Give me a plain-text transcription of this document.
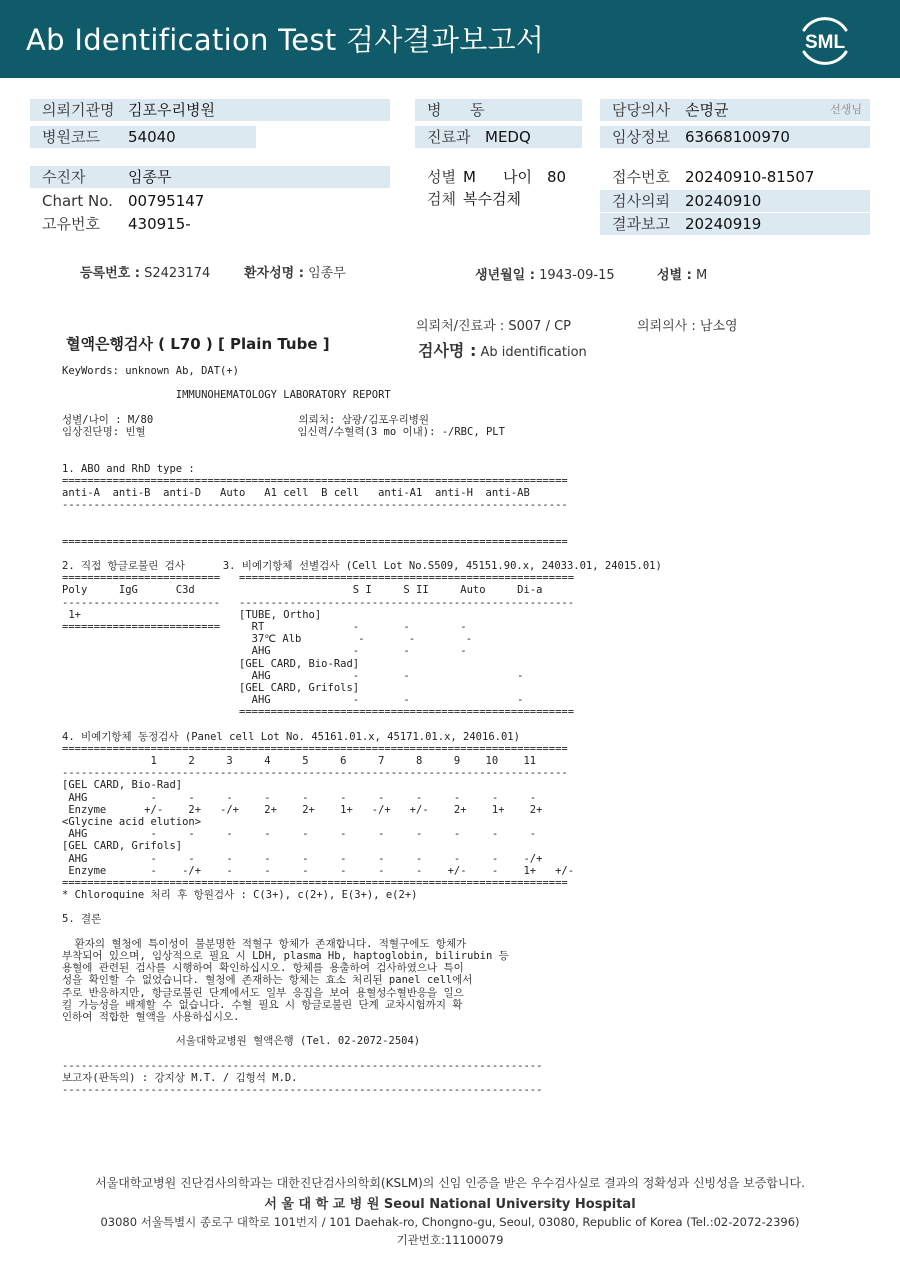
Ab Identification Test 검사결과보고서	SML
의뢰기관명 김포우리병원	병      동	담당의사 손명균	선생님
병원코드 54040	진료과 MEDQ	임상정보 63668100970
수진자	임종무	성별 M 나이 80	접수번호 20240910-81507
Chart No. 00795147	검체 복수검체	검사의뢰 20240910
고유번호 430915-	결과보고 20240919
등록번호 : S2423174	환자성명 : 임종무	생년월일 : 1943-09-15	성별 : M
의뢰처/진료과 : S007 / CP	의뢰의사 : 남소영
혈액은행검사 ( L70 ) [ Plain Tube ]	검사명 : Ab identification
KeyWords: unknown Ab, DAT(+)
IMMUNOHEMATOLOGY LABORATORY REPORT
성별/나이 : M/80                       의뢰처: 삼광/김포우리병원
임상진단명: 빈혈                        임신력/수혈력(3 mo 이내): -/RBC, PLT
1. ABO and RhD type :
================================================================================
anti-A  anti-B  anti-D   Auto   A1 cell  B cell   anti-A1  anti-H  anti-AB
--------------------------------------------------------------------------------
================================================================================
2. 직접 항글로불린 검사      3. 비예기항체 선별검사 (Cell Lot No.S509, 45151.90.x, 24033.01, 24015.01)
=========================   =====================================================
Poly     IgG      C3d                         S I     S II     Auto     Di-a
-------------------------   -----------------------------------------------------
1+                         [TUBE, Ortho]
=========================     RT              -       -        -
37℃ Alb         -       -        -
AHG             -       -        -
[GEL CARD, Bio-Rad]
AHG             -       -                 -
[GEL CARD, Grifols]
AHG             -       -                 -
=====================================================
4. 비예기항체 동정검사 (Panel cell Lot No. 45161.01.x, 45171.01.x, 24016.01)
================================================================================
1     2     3     4     5     6     7     8     9    10    11
--------------------------------------------------------------------------------
[GEL CARD, Bio-Rad]
AHG          -     -     -     -     -     -     -     -     -     -     -
Enzyme      +/-    2+   -/+    2+    2+    1+   -/+   +/-    2+    1+    2+
<Glycine acid elution>
AHG          -     -     -     -     -     -     -     -     -     -     -
[GEL CARD, Grifols]
AHG          -     -     -     -     -     -     -     -     -     -    -/+
Enzyme       -    -/+    -     -     -     -     -     -    +/-    -    1+   +/-
================================================================================
* Chloroquine 처리 후 항원검사 : C(3+), c(2+), E(3+), e(2+)
5. 결론
환자의 혈청에 특이성이 불분명한 적혈구 항체가 존재합니다. 적혈구에도 항체가
부착되어 있으며, 임상적으로 필요 시 LDH, plasma Hb, haptoglobin, bilirubin 등
용혈에 관련된 검사를 시행하여 확인하십시오. 항체를 용출하여 검사하였으나 특이
성을 확인할 수 없었습니다. 혈청에 존재하는 항체는 효소 처리된 panel cell에서
주로 반응하지만, 항글로불린 단계에서도 일부 응집을 보여 용혈성수혈반응을 일으
킬 가능성을 배제할 수 없습니다. 수혈 필요 시 항글로불린 단계 교차시험까지 확
인하여 적합한 혈액을 사용하십시오.
서울대학교병원 혈액은행 (Tel. 02-2072-2504)
----------------------------------------------------------------------------
보고자(판독의) : 강지상 M.T. / 김형석 M.D.
----------------------------------------------------------------------------
서울대학교병원 진단검사의학과는 대한진단검사의학회(KSLM)의 신임 인증을 받은 우수검사실로 결과의 정확성과 신빙성을 보증합니다.
서 울 대 학 교 병 원 Seoul National University Hospital
03080 서울특별시 종로구 대학로 101번지 / 101 Daehak-ro, Chongno-gu, Seoul, 03080, Republic of Korea (Tel.:02-2072-2396)
기관번호:11100079
